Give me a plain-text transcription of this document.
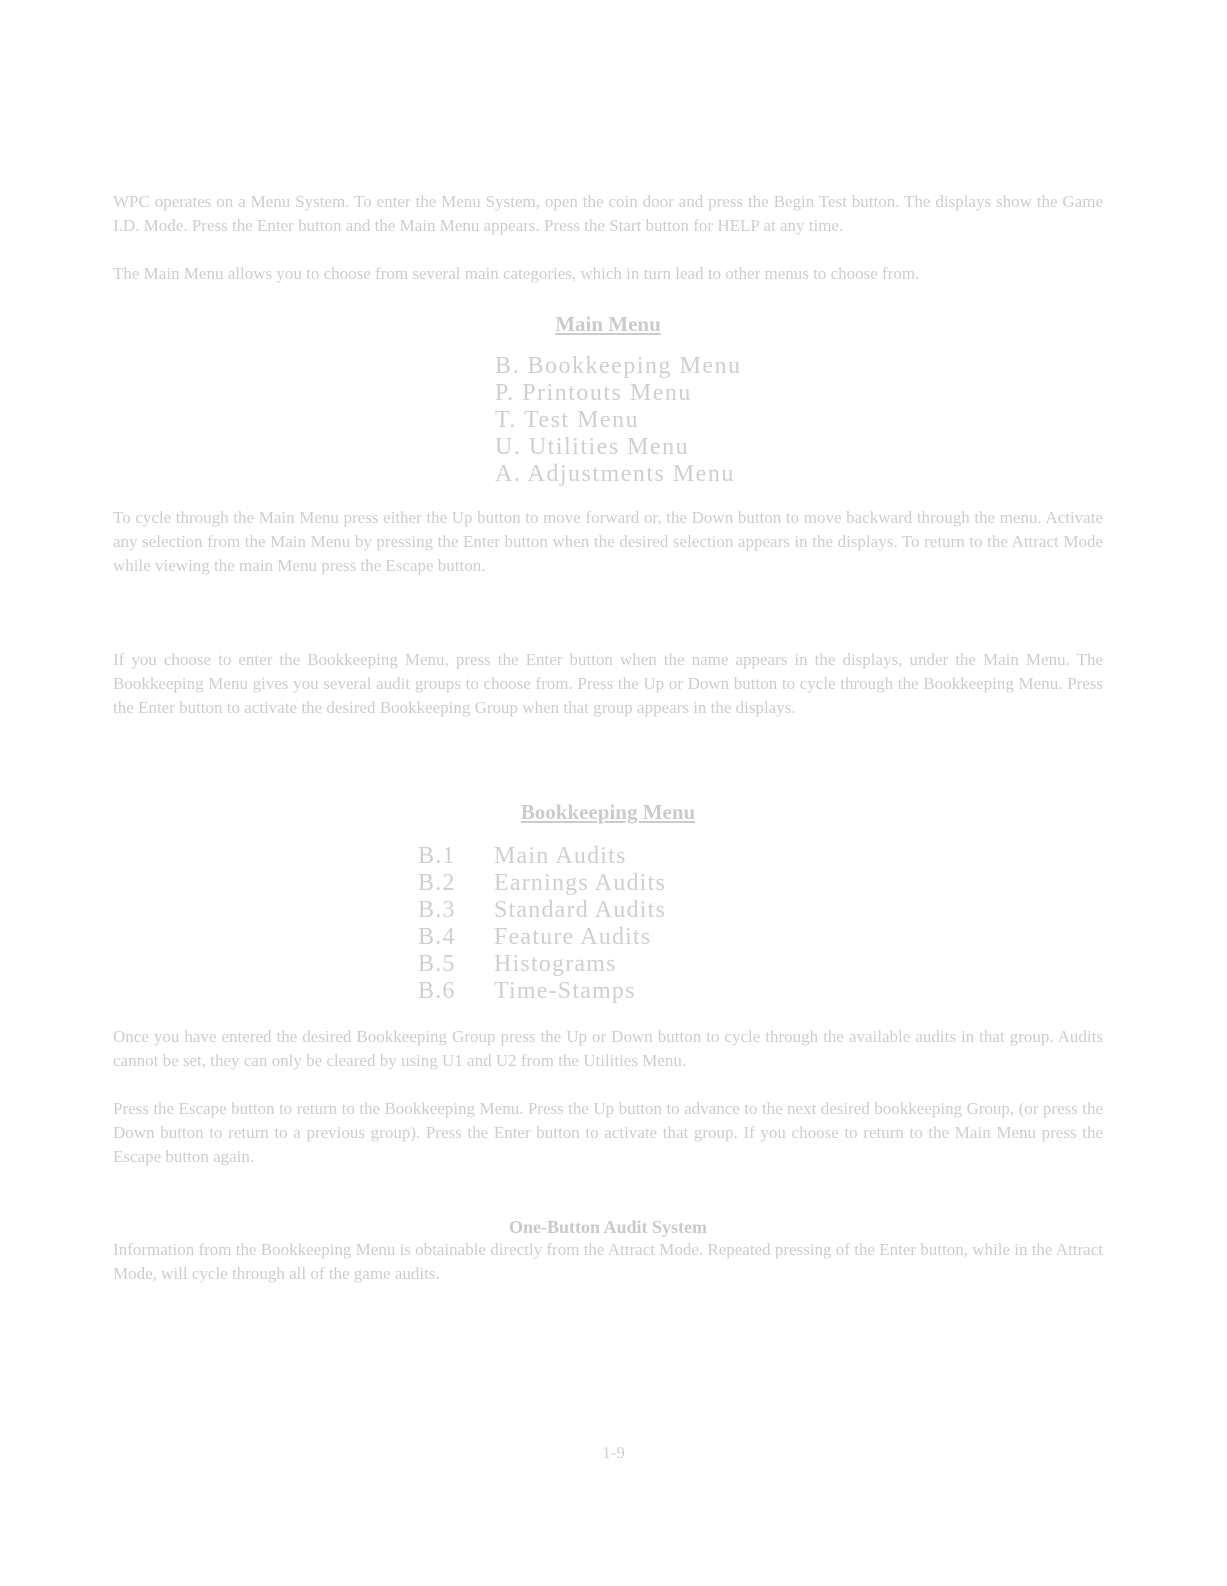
WPC operates on a Menu System. To enter the Menu System, open the coin door and press the Begin Test button. The displays show the Game I.D. Mode. Press the Enter button and the Main Menu appears. Press the Start button for HELP at any time.

The Main Menu allows you to choose from several main categories, which in turn lead to other menus to choose from.

Main Menu
B. Bookkeeping Menu
P. Printouts Menu
T. Test Menu
U. Utilities Menu
A. Adjustments Menu

To cycle through the Main Menu press either the Up button to move forward or, the Down button to move backward through the menu. Activate any selection from the Main Menu by pressing the Enter button when the desired selection appears in the displays. To return to the Attract Mode while viewing the main Menu press the Escape button.

If you choose to enter the Bookkeeping Menu, press the Enter button when the name appears in the displays, under the Main Menu. The Bookkeeping Menu gives you several audit groups to choose from. Press the Up or Down button to cycle through the Bookkeeping Menu. Press the Enter button to activate the desired Bookkeeping Group when that group appears in the displays.

Bookkeeping Menu
B.1	Main Audits
B.2	Earnings Audits
B.3	Standard Audits
B.4	Feature Audits
B.5	Histograms
B.6	Time-Stamps

Once you have entered the desired Bookkeeping Group press the Up or Down button to cycle through the available audits in that group. Audits cannot be set, they can only be cleared by using U1 and U2 from the Utilities Menu.

Press the Escape button to return to the Bookkeeping Menu. Press the Up button to advance to the next desired bookkeeping Group, (or press the Down button to return to a previous group). Press the Enter button to activate that group. If you choose to return to the Main Menu press the Escape button again.

One-Button Audit System

Information from the Bookkeeping Menu is obtainable directly from the Attract Mode. Repeated pressing of the Enter button, while in the Attract Mode, will cycle through all of the game audits.

1-9
